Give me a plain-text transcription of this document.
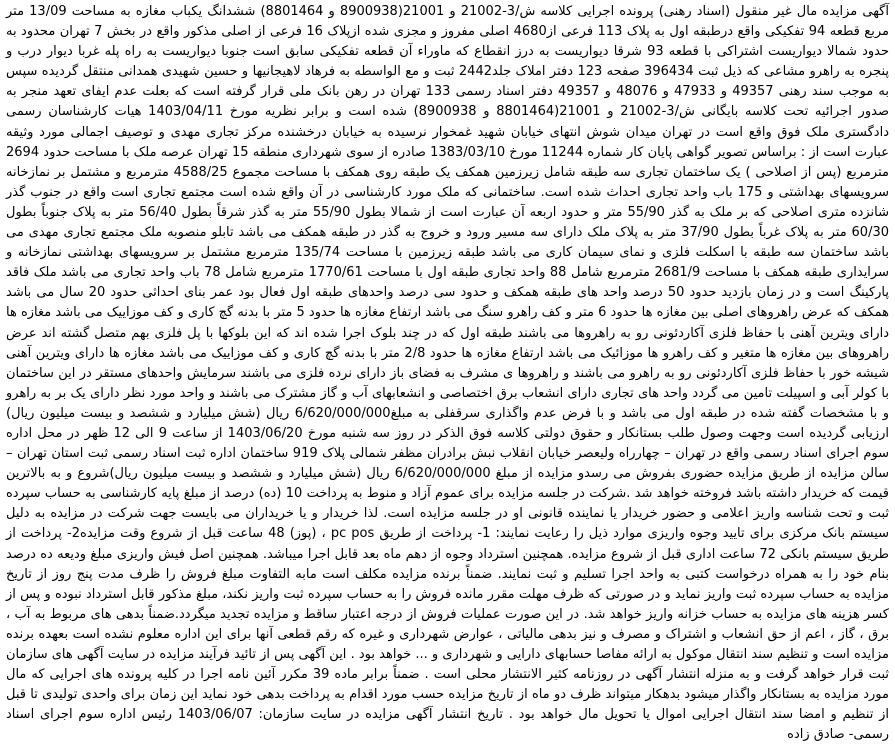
آگهی مزایده مال غیر منقول (اسناد رهنی) پرونده اجرایی کلاسه ش/3-21002 و 21001(8900938 و 8801464) ششدانگ یکباب مغازه به مساحت 13/09 متر مربع قطعه 94 تفکیکی واقع درطبقه اول به پلاک 113 فرعی از4680 اصلی مفروز و مجزی شده ازپلاک 16 فرعی از اصلی مذکور واقع در بخش 7 تهران محدود به حدود شمالا دیواریست اشتراکی با قطعه 93 شرقا دیواریست به درز انقطاع که ماوراء آن قطعه تفکیکی سابق است جنوبا دیواریست به راه پله غربا دیوار درب و پنجره به راهرو مشاعی که ذیل ثبت 396434 صفحه 123 دفتر املاک جلد2442 ثبت و مع الواسطه به فرهاد لاهیجانیها و حسین شهیدی همدانی منتقل گردیده سپس به موجب سند رهنی 49357 و 47933 و 48076 و 49357 دفتر اسناد رسمی 133 تهران در رهن بانک ملی قرار گرفته است که بعلت عدم ایفای تعهد منجر به صدور اجرائیه تحت کلاسه بایگانی ش/3-21002 و 21001(8801464 و 8900938) شده است و برابر نظریه مورخ 1403/04/11 هیات کارشناسان رسمی دادگستری ملک فوق واقع است در تهران میدان شوش انتهای خیابان شهید غمخوار نرسیده به خیابان درخشنده مرکز تجاری مهدی و توصیف اجمالی مورد وثیقه عبارت است از : براساس تصویر گواهی پایان کار شماره 11244 مورخ 1383/03/10 صادره از سوی شهرداری منطقه 15 تهران عرصه ملک با مساحت حدود 2694 مترمربع (پس از اصلاحی ) یک ساختمان تجاری سه طبقه شامل زیرزمین همکف یک طبقه روی همکف با مساحت مجموع 4588/25 مترمربع و مشتمل بر نمازخانه سرویسهای بهداشتی و 175 باب واحد تجاری احداث شده است. ساختمانی که ملک مورد کارشناسی در آن واقع شده است مجتمع تجاری است واقع در جنوب گذر شانزده متری اصلاحی که بر ملک به گذر 55/90 متر و حدود اربعه آن عبارت است از شمالا بطول 55/90 متر به گذر شرقاً بطول 56/40 متر به پلاک جنوباً بطول 60/30 متر به پلاک غرباً بطول 37/90 متر به پلاک ملک دارای سه مسیر ورود و خروج به گذر در طبقه همکف می باشد تابلو منصوبه ملک مجتمع تجاری مهدی می باشد ساختمان سه طبقه با اسکلت فلزی و نمای سیمان کاری می باشد طبقه زیرزمین با مساحت 135/74 مترمربع مشتمل بر سرویسهای بهداشتی نمازخانه و سرایداری طبقه همکف با مساحت 2681/9 مترمربع شامل 88 واحد تجاری طبقه اول با مساحت 1770/61 مترمربع شامل 78 باب واحد تجاری می باشد ملک فاقد پارکینگ است و در زمان بازدید حدود 50 درصد واحد های طبقه همکف و حدود سی درصد واحدهای طبقه اول فعال بود عمر بنای احداثی حدود 20 سال می باشد همکف که عرض راهروهای اصلی بین مغازه ها حدود 6 متر و کف راهرو سنگ می باشد ارتفاع مغازه ها حدود 5 متر با بدنه گچ کاری و کف موزاییک می باشد مغازه ها دارای ویترین آهنی با حفاظ فلزی آکاردئونی رو به راهروها می باشند طبقه اول که در چند بلوک اجرا شده اند که این بلوکها با پل فلزی بهم متصل گشته اند عرض راهروهای بین مغازه ها متغیر و کف راهرو ها موزائیک می باشد ارتفاع مغازه ها حدود 2/8 متر با بدنه گچ کاری و کف موزاییک می باشد مغازه ها دارای ویترین آهنی شیشه خور با حفاظ فلزی آکاردئونی رو به راهرو می باشند و راهروها ی مشرف به فضای باز دارای نرده فلزی می باشند سرمایش واحدهای مستقر در این ساختمان با کولر آبی و اسپیلت تامین می گردد واحد های تجاری دارای انشعاب برق اختصاصی و انشعابهای آب و گاز مشترک می باشند و واحد مورد نظر دارای یک بر به راهرو و با مشخصات گفته شده در طبقه اول می باشد و با فرض عدم واگذاری سرقفلی به مبلغ6/620/000/000 ریال (شش میلیارد و ششصد و بیست میلیون ریال) ارزیابی گردیده است وجهت وصول طلب بستانکار و حقوق دولتی کلاسه فوق الذکر در روز سه شنبه مورخ 1403/06/20 از ساعت 9 الی 12 ظهر در محل اداره سوم اجرای اسناد رسمی واقع در تهران – چهارراه ولیعصر خیابان انقلاب نبش برادران مظفر شمالی پلاک 919 ساختمان اداره ثبت اسناد رسمی ثبت استان تهران – سالن مزایده از طریق مزایده حضوری بفروش می رسدو مزایده از مبلغ 6/620/000/000 ریال (شش میلیارد و ششصد و بیست میلیون ریال)شروع و به بالاترین قیمت که خریدار داشته باشد فروخته خواهد شد .شرکت در جلسه مزایده برای عموم آزاد و منوط به پرداخت 10 (ده) درصد از مبلغ پایه کارشناسی به حساب سپرده ثبت و تحت شناسه واریز اعلامی و حضور خریدار یا نماینده قانونی او در جلسه مزایده است. لذا خریدار و یا خریداران می بایست جهت شرکت در مزایده به دلیل سیستم بانک مرکزی برای تایید وجوه واریزی موارد ذیل را رعایت نمایند: 1- پرداخت از طریق pc pos ، (پوز) 48 ساعت قبل از شروع وقت مزایده2- پرداخت از طریق سیستم بانکی 72 ساعت اداری قبل از شروع مزایده. همچنین استرداد وجوه از دهم ماه بعد قابل اجرا میباشد. همچنین اصل فیش واریزی مبلغ ودیعه ده درصد بنام خود را به همراه درخواست کتبی به واحد اجرا تسلیم و ثبت نمایند. ضمناً برنده مزایده مکلف است مابه التفاوت مبلغ فروش را ظرف مدت پنج روز از تاریخ مزایده به حساب سپرده ثبت واریز نماید و در صورتی که ظرف مهلت مقرر مانده فروش را به حساب سپرده ثبت واریز نکند، مبلغ مذکور قابل استرداد نبوده و پس از کسر هزینه های مزایده به حساب خزانه واریز خواهد شد. در این صورت عملیات فروش از درجه اعتبار ساقط و مزایده تجدید میگردد.ضمناً بدهی های مربوط به آب ، برق ، گاز ، اعم از حق انشعاب و اشتراک و مصرف و نیز بدهی مالیاتی ، عوارض شهرداری و غیره که رقم قطعی آنها برای این اداره معلوم نشده است بعهده برنده مزایده است و تنظیم سند انتقال موکول به ارائه مفاصا حسابهای دارایی و شهرداری و ... خواهد بود . این آگهی پس از تائید فرآیند مزایده در سایت آگهی های سازمان ثبت قرار خواهد گرفت و به منزله انتشار آگهی در روزنامه کثیر الانتشار محلی است . ضمناً برابر ماده 39 مکرر آئین نامه اجرا در کلیه پرونده های اجرایی که مال مورد مزایده به بستانکار واگذار میشود بدهکار میتواند ظرف دو ماه از تاریخ مزایده حسب مورد اقدام به پرداخت بدهی خود نماید این زمان برای واحدی تولیدی تا قبل از تنظیم و امضا سند انتقال اجرایی اموال یا تحویل مال خواهد بود . تاریخ انتشار آگهی مزایده در سایت سازمان: 1403/06/07 رئیس اداره سوم اجرای اسناد رسمی- صادق زاده
